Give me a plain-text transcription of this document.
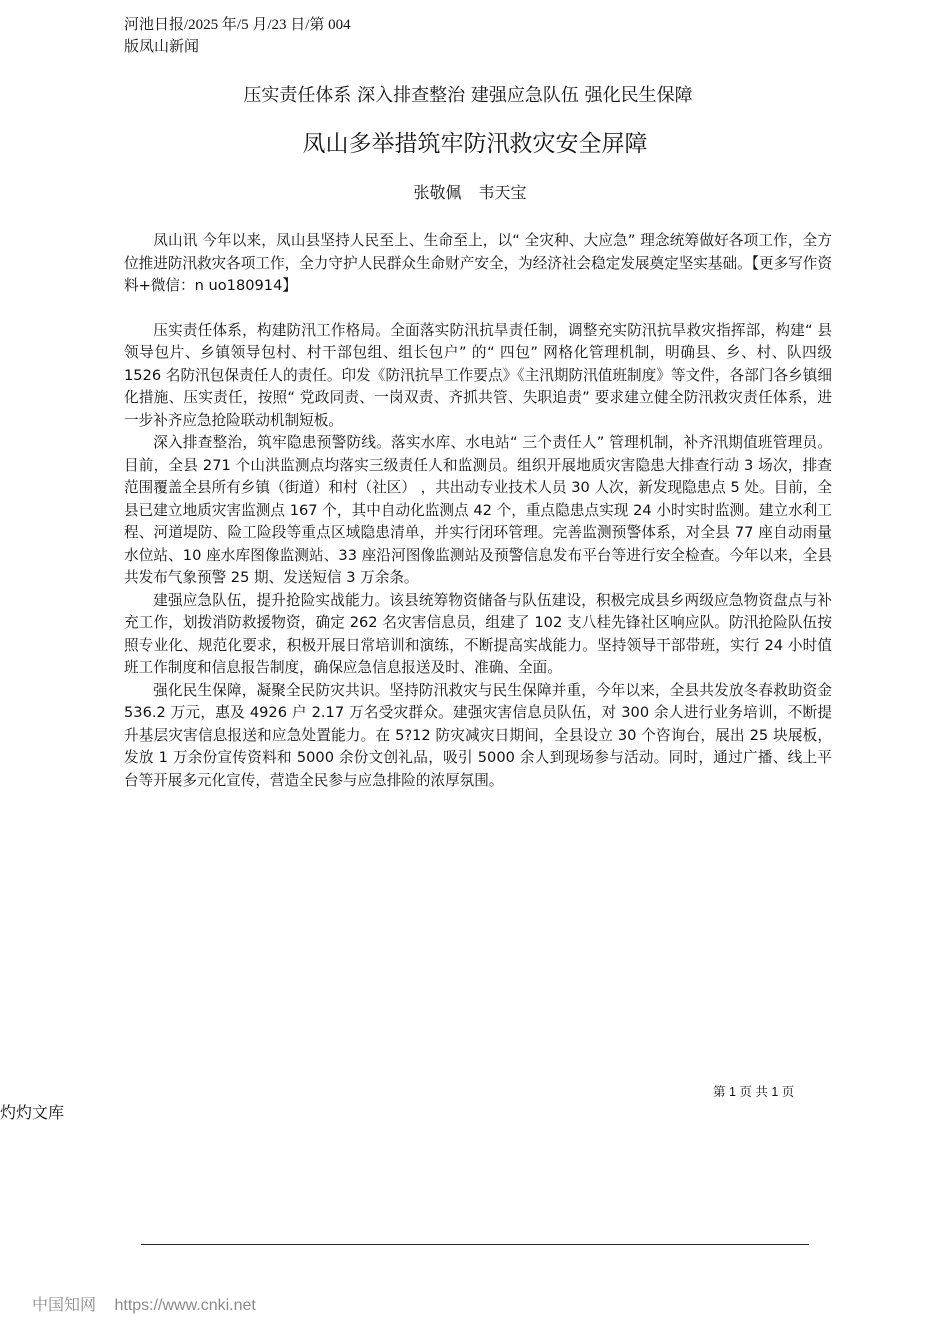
河池日报/2025 年/5 月/23 日/第 004
版凤山新闻
压实责任体系 深入排查整治 建强应急队伍 强化民生保障
凤山多举措筑牢防汛救灾安全屏障
张敬佩 韦天宝

凤山讯 今年以来，凤山县坚持人民至上、生命至上，以“ 全灾种、大应急” 理念统筹做好各项工作，全方位推进防汛救灾各项工作，全力守护人民群众生命财产安全，为经济社会稳定发展奠定坚实基础。【更多写作资料+微信：n uo180914】

压实责任体系，构建防汛工作格局。全面落实防汛抗旱责任制，调整充实防汛抗旱救灾指挥部，构建“ 县领导包片、乡镇领导包村、村干部包组、组长包户” 的“ 四包” 网格化管理机制，明确县、乡、村、队四级 1526 名防汛包保责任人的责任。印发《防汛抗旱工作要点》《主汛期防汛值班制度》等文件，各部门各乡镇细化措施、压实责任，按照“ 党政同责、一岗双责、齐抓共管、失职追责” 要求建立健全防汛救灾责任体系，进一步补齐应急抢险联动机制短板。

深入排查整治，筑牢隐患预警防线。落实水库、水电站“ 三个责任人” 管理机制，补齐汛期值班管理员。目前，全县 271 个山洪监测点均落实三级责任人和监测员。组织开展地质灾害隐患大排查行动 3 场次，排查范围覆盖全县所有乡镇（街道）和村（社区） ，共出动专业技术人员 30 人次，新发现隐患点 5 处。目前，全县已建立地质灾害监测点 167 个，其中自动化监测点 42 个，重点隐患点实现 24 小时实时监测。建立水利工程、河道堤防、险工险段等重点区域隐患清单，并实行闭环管理。完善监测预警体系，对全县 77 座自动雨量水位站、10 座水库图像监测站、33 座沿河图像监测站及预警信息发布平台等进行安全检查。今年以来，全县共发布气象预警 25 期、发送短信 3 万余条。

建强应急队伍，提升抢险实战能力。该县统筹物资储备与队伍建设，积极完成县乡两级应急物资盘点与补充工作，划拨消防救援物资，确定 262 名灾害信息员，组建了 102 支八桂先锋社区响应队。防汛抢险队伍按照专业化、规范化要求，积极开展日常培训和演练，不断提高实战能力。坚持领导干部带班，实行 24 小时值班工作制度和信息报告制度，确保应急信息报送及时、准确、全面。

强化民生保障，凝聚全民防灾共识。坚持防汛救灾与民生保障并重，今年以来，全县共发放冬春救助资金 536.2 万元，惠及 4926 户 2.17 万名受灾群众。建强灾害信息员队伍，对 300 余人进行业务培训，不断提升基层灾害信息报送和应急处置能力。在 5?12 防灾减灾日期间，全县设立 30 个咨询台，展出 25 块展板，发放 1 万余份宣传资料和 5000 余份文创礼品，吸引 5000 余人到现场参与活动。同时，通过广播、线上平台等开展多元化宣传，营造全民参与应急排险的浓厚氛围。

第 1 页 共 1 页
灼灼文库
中国知网 https://www.cnki.net
